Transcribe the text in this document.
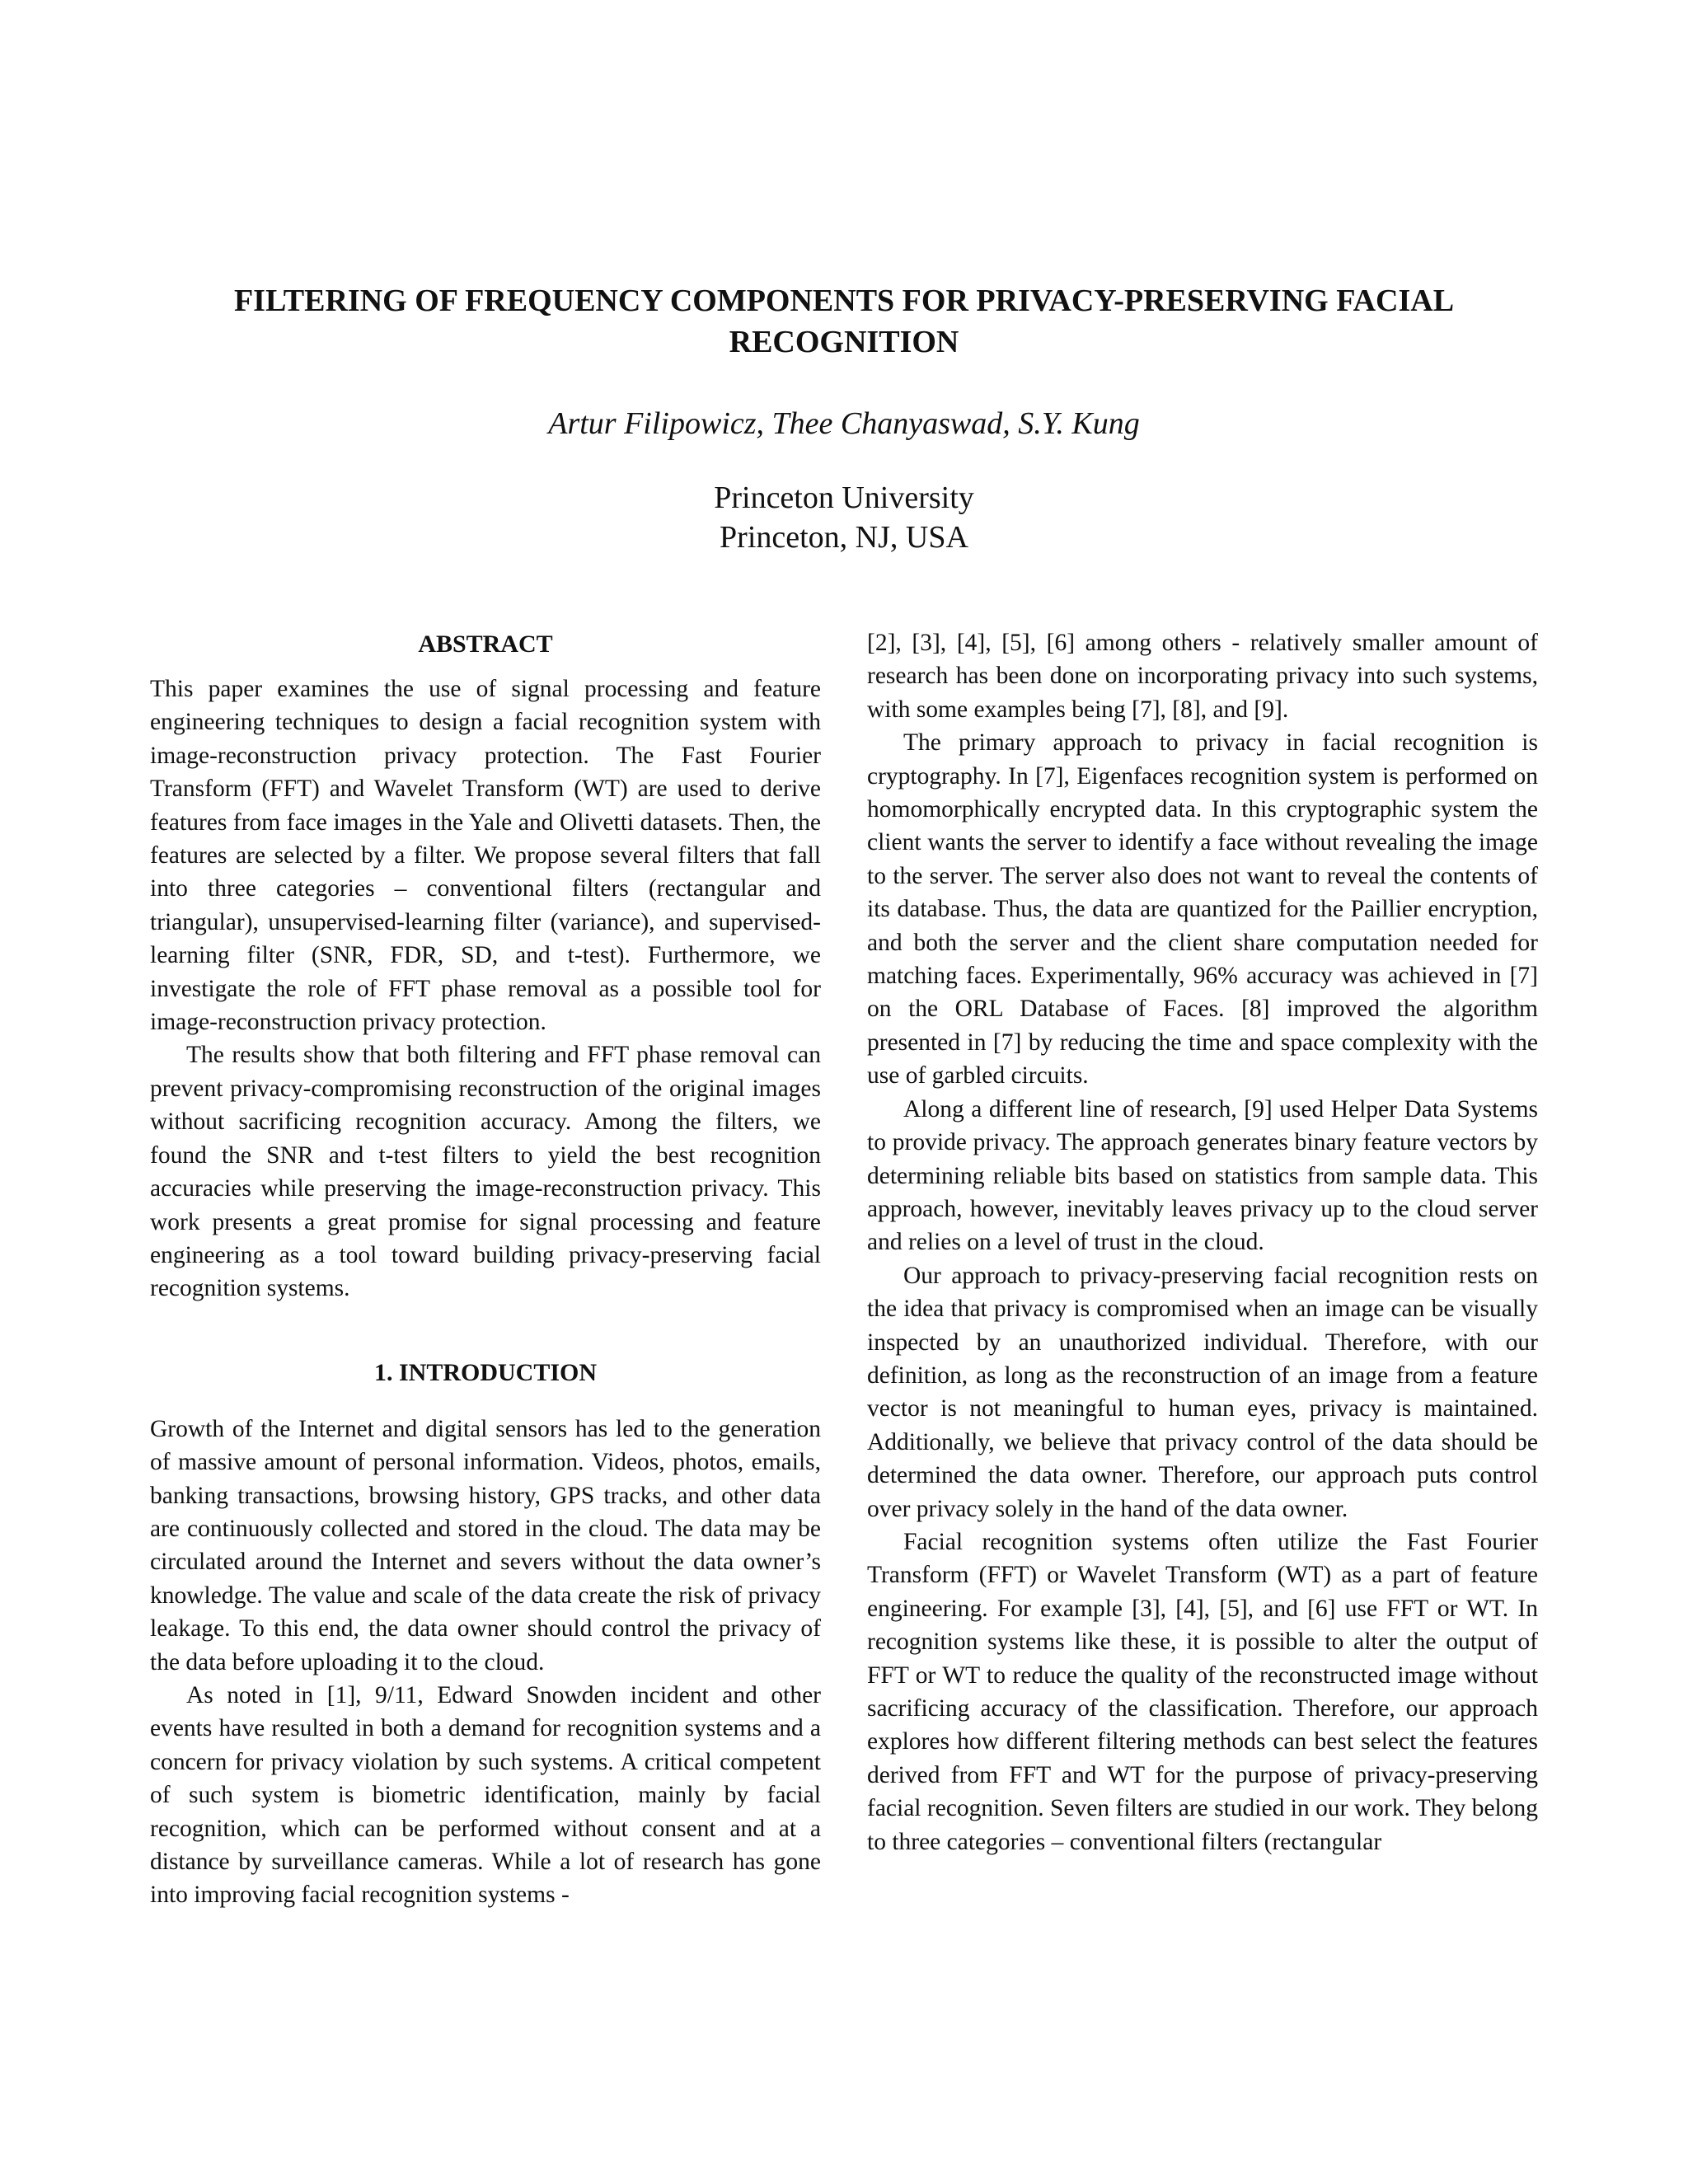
FILTERING OF FREQUENCY COMPONENTS FOR PRIVACY-PRESERVING FACIAL RECOGNITION

Artur Filipowicz, Thee Chanyaswad, S.Y. Kung

Princeton University
Princeton, NJ, USA
ABSTRACT

This paper examines the use of signal processing and feature engineering techniques to design a facial recognition system with image-reconstruction privacy protection. The Fast Fourier Transform (FFT) and Wavelet Transform (WT) are used to derive features from face images in the Yale and Olivetti datasets. Then, the features are selected by a filter. We propose several filters that fall into three categories – conventional filters (rectangular and triangular), unsupervised-learning filter (variance), and supervised-learning filter (SNR, FDR, SD, and t-test). Furthermore, we investigate the role of FFT phase removal as a possible tool for image-reconstruction privacy protection.

The results show that both filtering and FFT phase removal can prevent privacy-compromising reconstruction of the original images without sacrificing recognition accuracy. Among the filters, we found the SNR and t-test filters to yield the best recognition accuracies while preserving the image-reconstruction privacy. This work presents a great promise for signal processing and feature engineering as a tool toward building privacy-preserving facial recognition systems.

1. INTRODUCTION

Growth of the Internet and digital sensors has led to the generation of massive amount of personal information. Videos, photos, emails, banking transactions, browsing history, GPS tracks, and other data are continuously collected and stored in the cloud. The data may be circulated around the Internet and severs without the data owner’s knowledge. The value and scale of the data create the risk of privacy leakage. To this end, the data owner should control the privacy of the data before uploading it to the cloud.

As noted in [1], 9/11, Edward Snowden incident and other events have resulted in both a demand for recognition systems and a concern for privacy violation by such systems. A critical competent of such system is biometric identification, mainly by facial recognition, which can be performed without consent and at a distance by surveillance cameras. While a lot of research has gone into improving facial recognition systems -

[2], [3], [4], [5], [6] among others - relatively smaller amount of research has been done on incorporating privacy into such systems, with some examples being [7], [8], and [9].

The primary approach to privacy in facial recognition is cryptography. In [7], Eigenfaces recognition system is performed on homomorphically encrypted data. In this cryptographic system the client wants the server to identify a face without revealing the image to the server. The server also does not want to reveal the contents of its database. Thus, the data are quantized for the Paillier encryption, and both the server and the client share computation needed for matching faces. Experimentally, 96% accuracy was achieved in [7] on the ORL Database of Faces. [8] improved the algorithm presented in [7] by reducing the time and space complexity with the use of garbled circuits.

Along a different line of research, [9] used Helper Data Systems to provide privacy. The approach generates binary feature vectors by determining reliable bits based on statistics from sample data. This approach, however, inevitably leaves privacy up to the cloud server and relies on a level of trust in the cloud.

Our approach to privacy-preserving facial recognition rests on the idea that privacy is compromised when an image can be visually inspected by an unauthorized individual. Therefore, with our definition, as long as the reconstruction of an image from a feature vector is not meaningful to human eyes, privacy is maintained. Additionally, we believe that privacy control of the data should be determined the data owner. Therefore, our approach puts control over privacy solely in the hand of the data owner.

Facial recognition systems often utilize the Fast Fourier Transform (FFT) or Wavelet Transform (WT) as a part of feature engineering. For example [3], [4], [5], and [6] use FFT or WT. In recognition systems like these, it is possible to alter the output of FFT or WT to reduce the quality of the reconstructed image without sacrificing accuracy of the classification. Therefore, our approach explores how different filtering methods can best select the features derived from FFT and WT for the purpose of privacy-preserving facial recognition. Seven filters are studied in our work. They belong to three categories – conventional filters (rectangular
